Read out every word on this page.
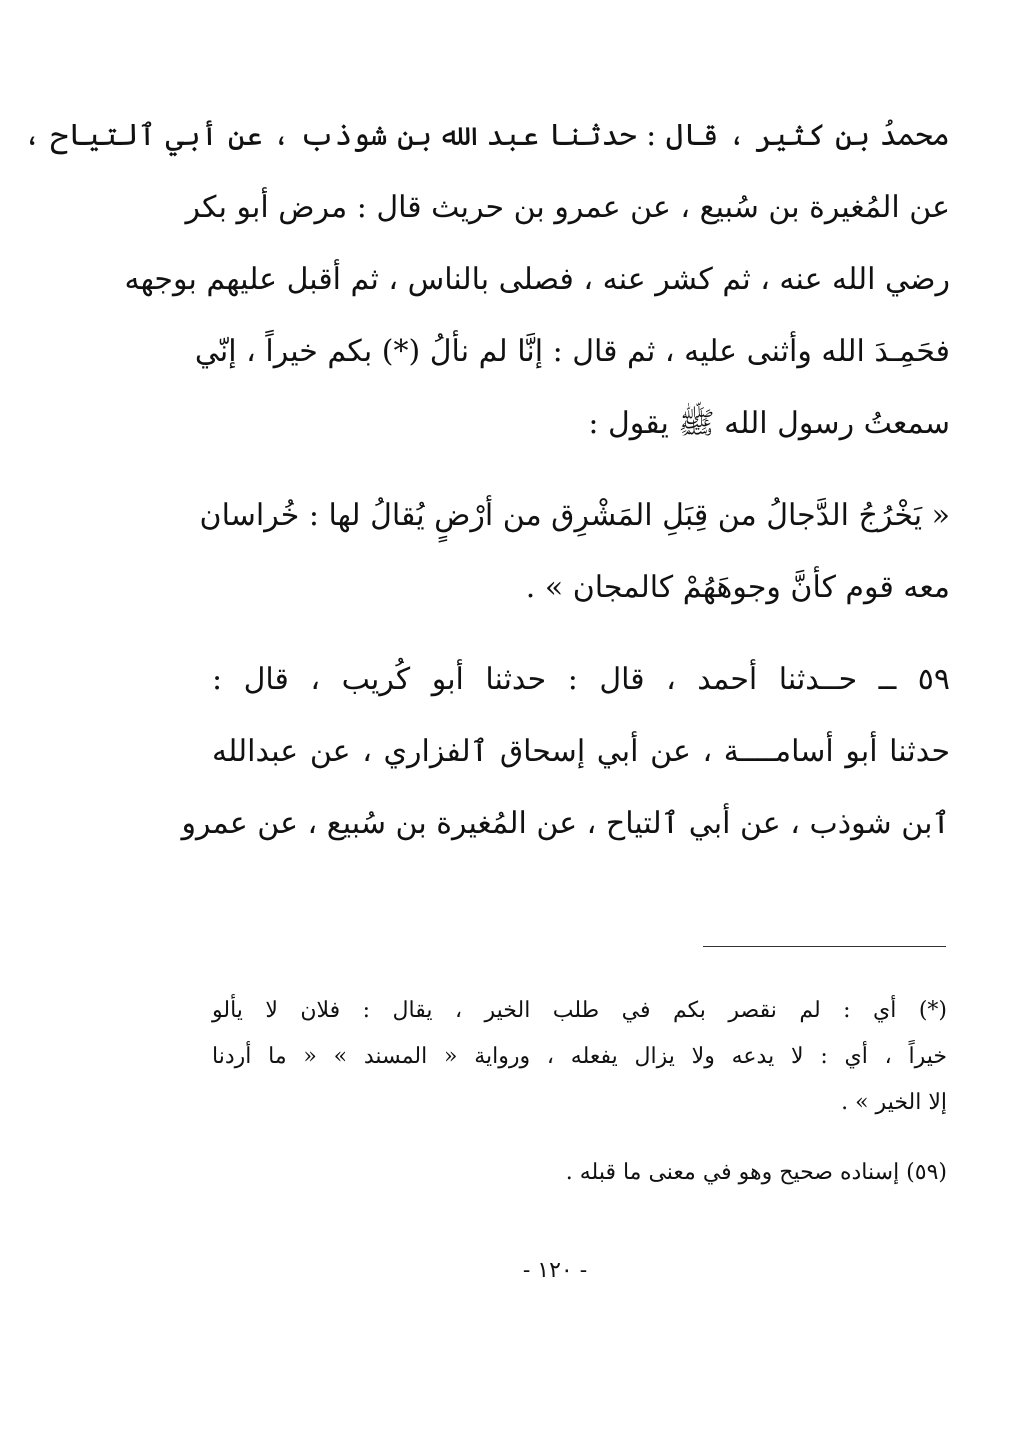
محمدُ بن كثير ، قال : حدثنا عبد الله بن شوذب ، عن أبي ٱلتياح ،
عن المُغيرة بن سُبيع ، عن عمرو بن حريث قال : مرض أبو بكر
رضي الله عنه ، ثم كشر عنه ، فصلى بالناس ، ثم أقبل عليهم بوجهه
فحَمِـدَ الله وأثنى عليه ، ثم قال : إنَّا لم نألُ (*) بكم خيراً ، إنّي
سمعتُ رسول الله ﷺ يقول :
« يَخْرُجُ الدَّجالُ من قِبَلِ المَشْرِق من أرْضٍ يُقالُ لها : خُراسان
معه قوم كأنَّ وجوهَهُمْ كالمجان » .
٥٩ ــ حــدثنا أحمد ، قال : حدثنا أبو كُريب ، قال :
حدثنا أبو أسامــــة ، عن أبي إسحاق ٱلفزاري ، عن عبدالله
ٱبن شوذب ، عن أبي ٱلتياح ، عن المُغيرة بن سُبيع ، عن عمرو
(*) أي : لم نقصر بكم في طلب الخير ، يقال : فلان لا يألو
خيراً ، أي : لا يدعه ولا يزال يفعله ، ورواية « المسند » « ما أردنا
إلا الخير » .
(٥٩) إسناده صحيح وهو في معنى ما قبله .
- ١٢٠ -
